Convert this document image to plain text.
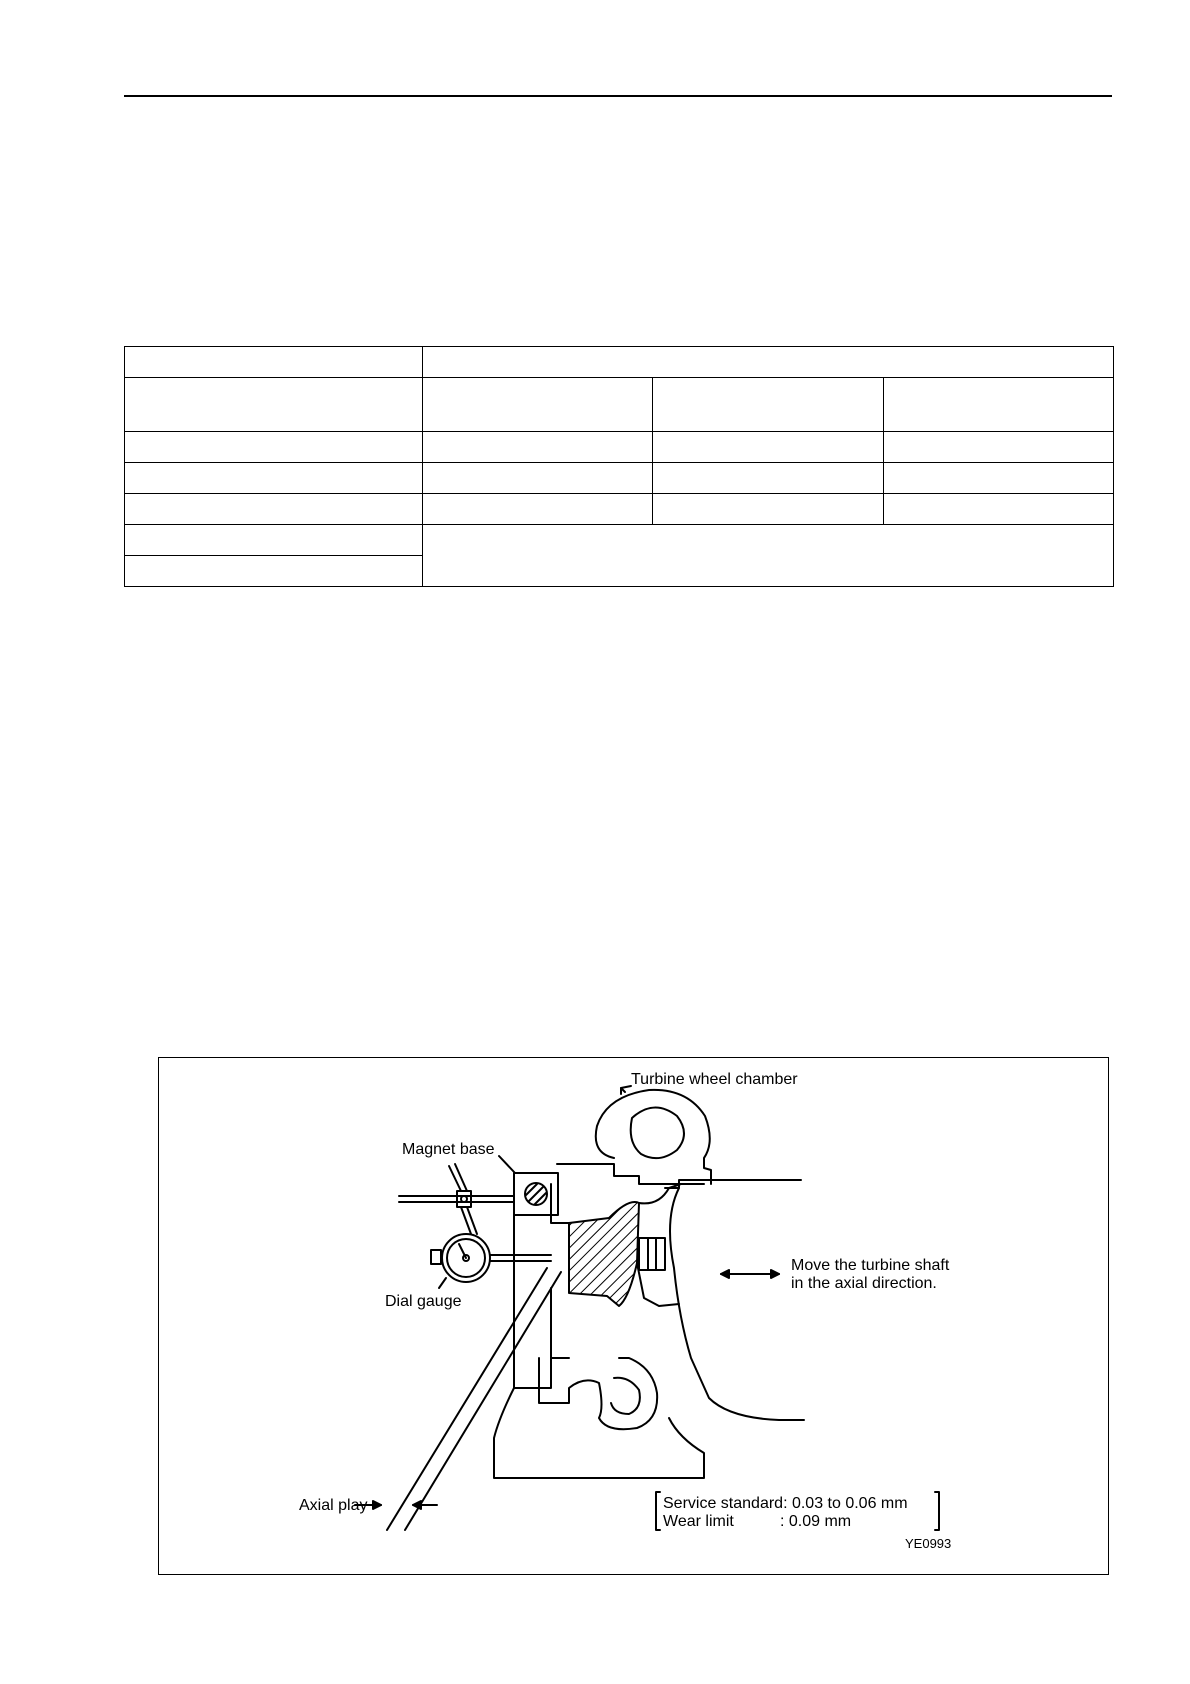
Turbine wheel chamber
Magnet base
Dial gauge
Move the turbine shaft
in the axial direction.
Axial play	Service standard: 0.03 to 0.06 mm
Wear limit	: 0.09 mm
YE0993
